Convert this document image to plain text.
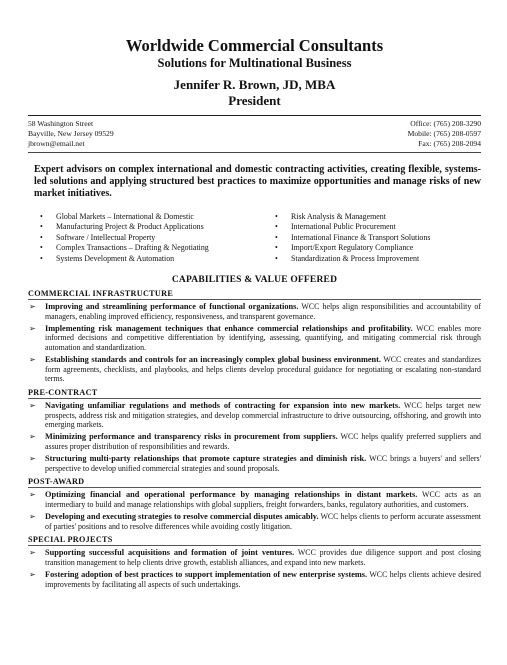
Worldwide Commercial Consultants
Solutions for Multinational Business
Jennifer R. Brown, JD, MBA
President
58 Washington Street
Bayville, New Jersey 09529
jbrown@email.net
Office: (765) 208-3290
Mobile: (765) 208-0597
Fax: (765) 208-2094
Expert advisors on complex international and domestic contracting activities, creating flexible, systems-led solutions and applying structured best practices to maximize opportunities and manage risks of new market initiatives.
• Global Markets – International & Domestic
• Manufacturing Project & Product Applications
• Software / Intellectual Property
• Complex Transactions – Drafting & Negotiating
• Systems Development & Automation
• Risk Analysis & Management
• International Public Procurement
• International Finance & Transport Solutions
• Import/Export Regulatory Compliance
• Standardization & Process Improvement
CAPABILITIES & VALUE OFFERED
COMMERCIAL INFRASTRUCTURE
➢ Improving and streamlining performance of functional organizations. WCC helps align responsibilities and accountability of managers, enabling improved efficiency, responsiveness, and transparent governance.
➢ Implementing risk management techniques that enhance commercial relationships and profitability. WCC enables more informed decisions and competitive differentiation by identifying, assessing, quantifying, and mitigating commercial risk through automation and standardization.
➢ Establishing standards and controls for an increasingly complex global business environment. WCC creates and standardizes form agreements, checklists, and playbooks, and helps clients develop procedural guidance for negotiating or escalating non-standard terms.
PRE-CONTRACT
➢ Navigating unfamiliar regulations and methods of contracting for expansion into new markets. WCC helps target new prospects, address risk and mitigation strategies, and develop commercial infrastructure to drive outsourcing, offshoring, and growth into emerging markets.
➢ Minimizing performance and transparency risks in procurement from suppliers. WCC helps qualify preferred suppliers and assures proper distribution of responsibilities and rewards.
➢ Structuring multi-party relationships that promote capture strategies and diminish risk. WCC brings a buyers' and sellers' perspective to develop unified commercial strategies and sound proposals.
POST-AWARD
➢ Optimizing financial and operational performance by managing relationships in distant markets. WCC acts as an intermediary to build and manage relationships with global suppliers, freight forwarders, banks, regulatory authorities, and customers.
➢ Developing and executing strategies to resolve commercial disputes amicably. WCC helps clients to perform accurate assessment of parties' positions and to resolve differences while avoiding costly litigation.
SPECIAL PROJECTS
➢ Supporting successful acquisitions and formation of joint ventures. WCC provides due diligence support and post closing transition management to help clients drive growth, establish alliances, and expand into new markets.
➢ Fostering adoption of best practices to support implementation of new enterprise systems. WCC helps clients achieve desired improvements by facilitating all aspects of such undertakings.
